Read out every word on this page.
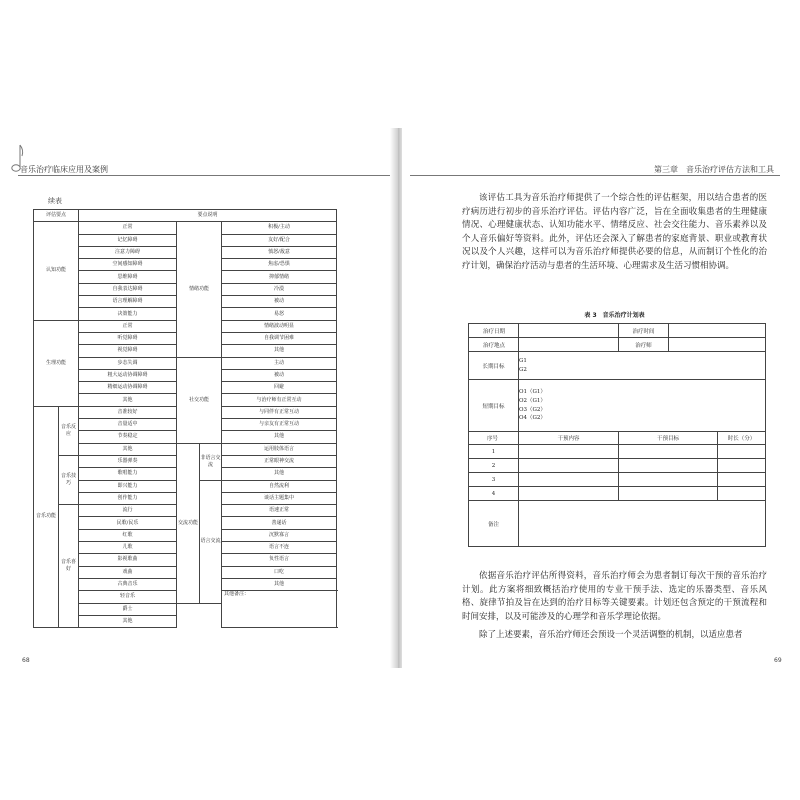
音乐治疗临床应用及案例
续表
评估要点		要点说明			
认知功能		正常	情绪功能		积极/主动
		记忆障碍			友好/配合
		注意力障碍			愤怒/敌意
		空间感知障碍			焦虑/恐惧
		思维障碍			抑郁情绪
		自我表达障碍			冷漠
		语言理解障碍			被动
		决策能力			易怒
生理功能		正常			情绪波动明显
		听觉障碍			自我调节困难
		视觉障碍			其他
		步态失调	社交功能		主动
		粗大运动协调障碍			被动
		精细运动协调障碍			回避
		其他			与治疗师有正常互动
音乐功能	音乐反应	音准较好			与同伴有正常互动
		音量适中			与亲友有正常互动
		节奏稳定			其他
		其他	交流功能	非语言交流	运用肢体语言
	音乐技巧	乐器弹奏			正常眼神交流
		歌唱能力			其他
		即兴能力		语言交流	自然流利
		创作能力			谈话主题集中
	音乐喜好	流行			语速正常
		民歌/民乐			善递话
		红歌			沉默寡言
		儿歌			语言不连
		影视歌曲			负性语言
		戏曲			口吃
		古典音乐			其他
		轻音乐			其他备注：
		爵士			
		其他			
68
第三章　音乐治疗评估方法和工具
该评估工具为音乐治疗师提供了一个综合性的评估框架，用以结合患者的医疗病历进行初步的音乐治疗评估。评估内容广泛，旨在全面收集患者的生理健康情况、心理健康状态、认知功能水平、情绪反应、社会交往能力、音乐素养以及个人音乐偏好等资料。此外，评估还会深入了解患者的家庭背景、职业或教育状况以及个人兴趣，这样可以为音乐治疗师提供必要的信息，从而制订个性化的治疗计划，确保治疗活动与患者的生活环境、心理需求及生活习惯相协调。
表 3　音乐治疗计划表
治疗日期		治疗时间		
治疗地点		治疗师		
长期目标	G1
G2			

短期目标	O1（G1）
O2（G1）
O3（G2）
O4（G2）			

序号	干预内容	干预目标		时长（分）
1				
2				
3				
4				
备注				
依据音乐治疗评估所得资料，音乐治疗师会为患者制订每次干预的音乐治疗计划。此方案将细致概括治疗使用的专业干预手法、选定的乐器类型、音乐风格、旋律节拍及旨在达到的治疗目标等关键要素。计划还包含预定的干预流程和时间安排，以及可能涉及的心理学和音乐学理论依据。
除了上述要素，音乐治疗师还会预设一个灵活调整的机制，以适应患者
69
